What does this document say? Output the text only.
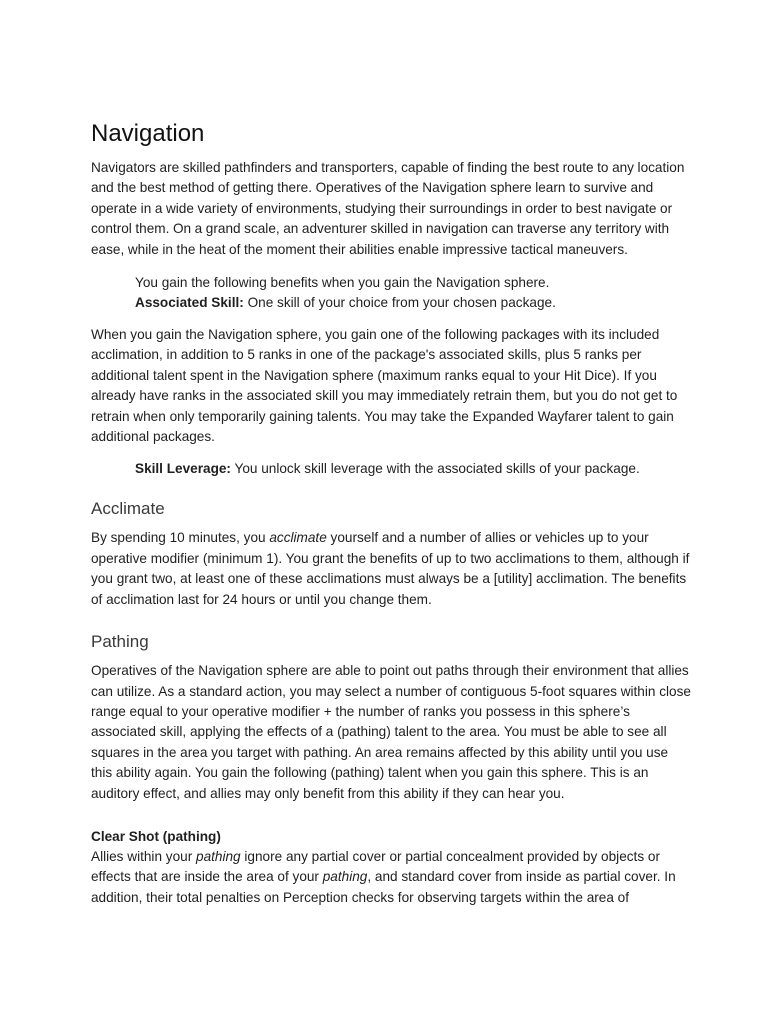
Navigation

Navigators are skilled pathfinders and transporters, capable of finding the best route to any location and the best method of getting there. Operatives of the Navigation sphere learn to survive and operate in a wide variety of environments, studying their surroundings in order to best navigate or control them. On a grand scale, an adventurer skilled in navigation can traverse any territory with ease, while in the heat of the moment their abilities enable impressive tactical maneuvers.

You gain the following benefits when you gain the Navigation sphere.

Associated Skill: One skill of your choice from your chosen package.

When you gain the Navigation sphere, you gain one of the following packages with its included acclimation, in addition to 5 ranks in one of the package's associated skills, plus 5 ranks per additional talent spent in the Navigation sphere (maximum ranks equal to your Hit Dice). If you already have ranks in the associated skill you may immediately retrain them, but you do not get to retrain when only temporarily gaining talents. You may take the Expanded Wayfarer talent to gain additional packages.

Skill Leverage: You unlock skill leverage with the associated skills of your package.

Acclimate

By spending 10 minutes, you acclimate yourself and a number of allies or vehicles up to your operative modifier (minimum 1). You grant the benefits of up to two acclimations to them, although if you grant two, at least one of these acclimations must always be a [utility] acclimation. The benefits of acclimation last for 24 hours or until you change them.

Pathing

Operatives of the Navigation sphere are able to point out paths through their environment that allies can utilize. As a standard action, you may select a number of contiguous 5-foot squares within close range equal to your operative modifier + the number of ranks you possess in this sphere’s associated skill, applying the effects of a (pathing) talent to the area. You must be able to see all squares in the area you target with pathing. An area remains affected by this ability until you use this ability again. You gain the following (pathing) talent when you gain this sphere. This is an auditory effect, and allies may only benefit from this ability if they can hear you.

Clear Shot (pathing)

Allies within your pathing ignore any partial cover or partial concealment provided by objects or effects that are inside the area of your pathing, and standard cover from inside as partial cover. In addition, their total penalties on Perception checks for observing targets within the area of
